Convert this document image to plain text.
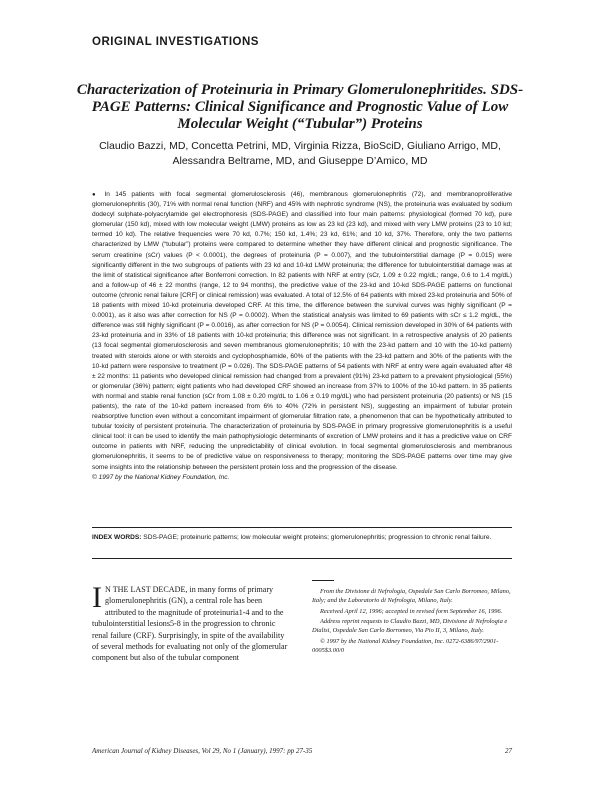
ORIGINAL INVESTIGATIONS
Characterization of Proteinuria in Primary Glomerulonephritides. SDS-PAGE Patterns: Clinical Significance and Prognostic Value of Low Molecular Weight (“Tubular”) Proteins
Claudio Bazzi, MD, Concetta Petrini, MD, Virginia Rizza, BioSciD, Giuliano Arrigo, MD, Alessandra Beltrame, MD, and Giuseppe D’Amico, MD
● In 145 patients with focal segmental glomerulosclerosis (46), membranous glomerulonephritis (72), and membranoproliferative glomerulonephritis (30), 71% with normal renal function (NRF) and 45% with nephrotic syndrome (NS), the proteinuria was evaluated by sodium dodecyl sulphate-polyacrylamide gel electrophoresis (SDS-PAGE) and classified into four main patterns: physiological (formed 70 kd), pure glomerular (150 kd), mixed with low molecular weight (LMW) proteins as low as 23 kd (23 kd), and mixed with very LMW proteins (23 to 10 kd; termed 10 kd). The relative frequencies were 70 kd, 0.7%; 150 kd, 1.4%; 23 kd, 61%; and 10 kd, 37%. Therefore, only the two patterns characterized by LMW (“tubular”) proteins were compared to determine whether they have different clinical and prognostic significance. The serum creatinine (sCr) values (P < 0.0001), the degrees of proteinuria (P = 0.007), and the tubulointerstitial damage (P = 0.015) were significantly different in the two subgroups of patients with 23 kd and 10-kd LMW proteinuria; the difference for tubulointerstitial damage was at the limit of statistical significance after Bonferroni correction. In 82 patients with NRF at entry (sCr, 1.09 ± 0.22 mg/dL; range, 0.6 to 1.4 mg/dL) and a follow-up of 46 ± 22 months (range, 12 to 94 months), the predictive value of the 23-kd and 10-kd SDS-PAGE patterns on functional outcome (chronic renal failure [CRF] or clinical remission) was evaluated. A total of 12.5% of 64 patients with mixed 23-kd proteinuria and 50% of 18 patients with mixed 10-kd proteinuria developed CRF. At this time, the difference between the survival curves was highly significant (P = 0.0001), as it also was after correction for NS (P = 0.0002). When the statistical analysis was limited to 69 patients with sCr ≤ 1.2 mg/dL, the difference was still highly significant (P = 0.0016), as after correction for NS (P = 0.0054). Clinical remission developed in 30% of 64 patients with 23-kd proteinuria and in 33% of 18 patients with 10-kd proteinuria; this difference was not significant. In a retrospective analysis of 20 patients (13 focal segmental glomerulosclerosis and seven membranous glomerulonephritis; 10 with the 23-kd pattern and 10 with the 10-kd pattern) treated with steroids alone or with steroids and cyclophosphamide, 60% of the patients with the 23-kd pattern and 30% of the patients with the 10-kd pattern were responsive to treatment (P = 0.026). The SDS-PAGE patterns of 54 patients with NRF at entry were again evaluated after 48 ± 22 months: 11 patients who developed clinical remission had changed from a prevalent (91%) 23-kd pattern to a prevalent physiological (55%) or glomerular (36%) pattern; eight patients who had developed CRF showed an increase from 37% to 100% of the 10-kd pattern. In 35 patients with normal and stable renal function (sCr from 1.08 ± 0.20 mg/dL to 1.06 ± 0.19 mg/dL) who had persistent proteinuria (20 patients) or NS (15 patients), the rate of the 10-kd pattern increased from 6% to 40% (72% in persistent NS), suggesting an impairment of tubular protein reabsorptive function even without a concomitant impairment of glomerular filtration rate, a phenomenon that can be hypothetically attributed to tubular toxicity of persistent proteinuria. The characterization of proteinuria by SDS-PAGE in primary progressive glomerulonephritis is a useful clinical tool: it can be used to identify the main pathophysiologic determinants of excretion of LMW proteins and it has a predictive value on CRF outcome in patients with NRF, reducing the unpredictability of clinical evolution. In focal segmental glomerulosclerosis and membranous glomerulonephritis, it seems to be of predictive value on responsiveness to therapy; monitoring the SDS-PAGE patterns over time may give some insights into the relationship between the persistent protein loss and the progression of the disease.
© 1997 by the National Kidney Foundation, Inc.
INDEX WORDS: SDS-PAGE; proteinuric patterns; low molecular weight proteins; glomerulonephritis; progression to chronic renal failure.
I N THE LAST DECADE, in many forms of primary glomerulonephritis (GN), a central role has been attributed to the magnitude of proteinuria1-4 and to the tubulointerstitial lesions5-8 in the progression to chronic renal failure (CRF). Surprisingly, in spite of the availability of several methods for evaluating not only of the glomerular component but also of the tubular component

From the Divisione di Nefrologia, Ospedale San Carlo Borromeo, Milano, Italy; and the Laboratorio di Nefrologia, Milano, Italy.

Received April 12, 1996; accepted in revised form September 16, 1996.

Address reprint requests to Claudio Bazzi, MD, Divisione di Nefrologia e Dialisi, Ospedale San Carlo Borromeo, Via Pio II, 3, Milano, Italy.

© 1997 by the National Kidney Foundation, Inc. 0272-6386/97/2901-0005$3.00/0

American Journal of Kidney Diseases, Vol 29, No 1 (January), 1997: pp 27-35	27
